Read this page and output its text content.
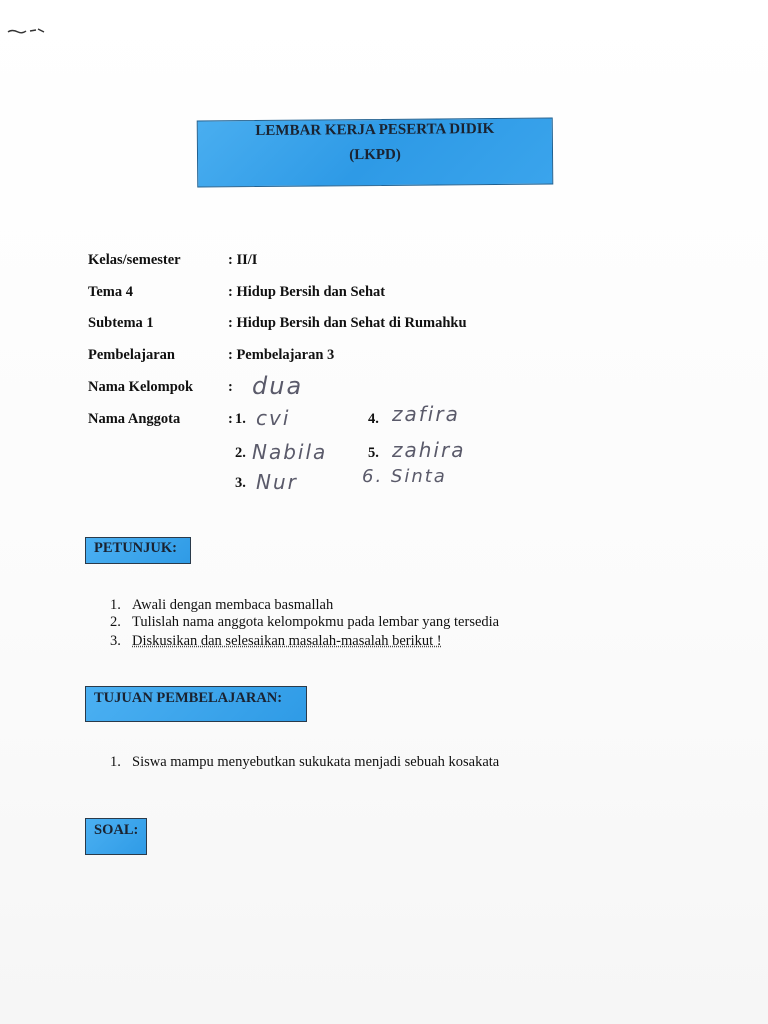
LEMBAR KERJA PESERTA DIDIK
(LKPD)
Kelas/semester	: II/I
Tema 4	: Hidup Bersih dan Sehat
Subtema 1	: Hidup Bersih dan Sehat di Rumahku
Pembelajaran	: Pembelajaran 3
Nama Kelompok : dua
Nama Anggota	: 1. cvi
2. Nabila
3. Nur
4. zafira
5. zahira
6. Sinta
PETUNJUK:
1. Awali dengan membaca basmallah
2. Tulislah nama anggota kelompokmu pada lembar yang tersedia
3. Diskusikan dan selesaikan masalah-masalah berikut !
TUJUAN PEMBELAJARAN:
1. Siswa mampu menyebutkan sukukata menjadi sebuah kosakata
SOAL:
